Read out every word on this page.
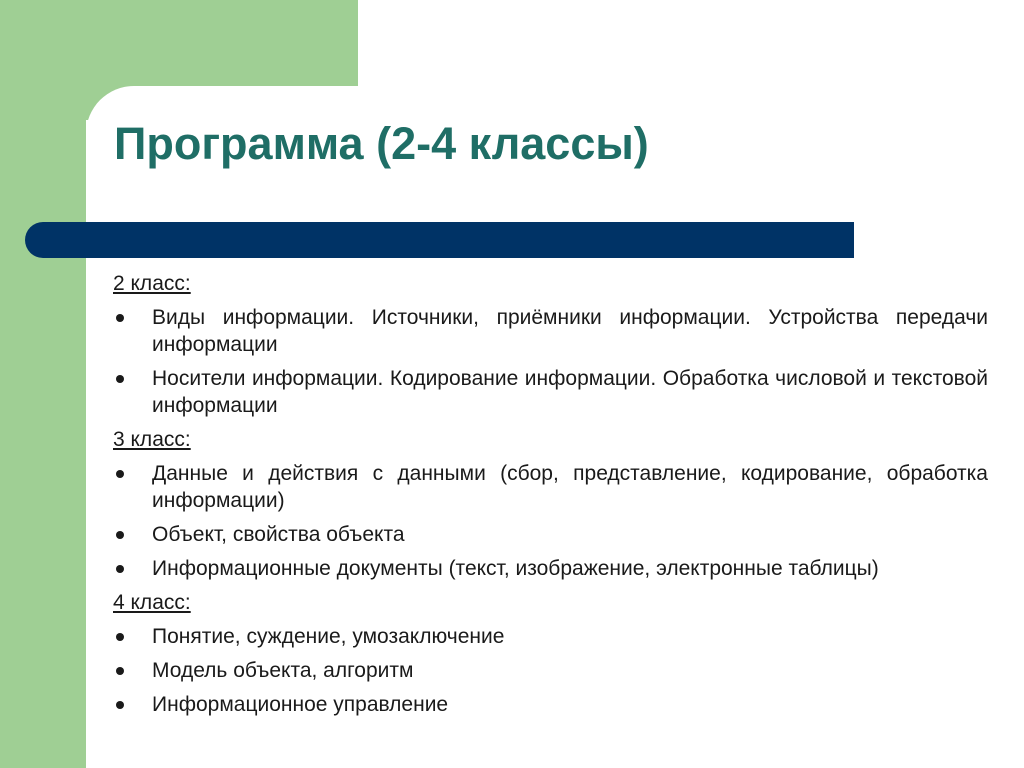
Программа (2-4 классы)
2 класс:
Виды информации. Источники, приёмники информации. Устройства передачи информации
Носители информации. Кодирование информации. Обработка числовой и текстовой информации
3 класс:
Данные и действия с данными (сбор, представление, кодирование, обработка информации)
Объект, свойства объекта
Информационные документы (текст, изображение, электронные таблицы)
4 класс:
Понятие, суждение, умозаключение
Модель объекта, алгоритм
Информационное управление
